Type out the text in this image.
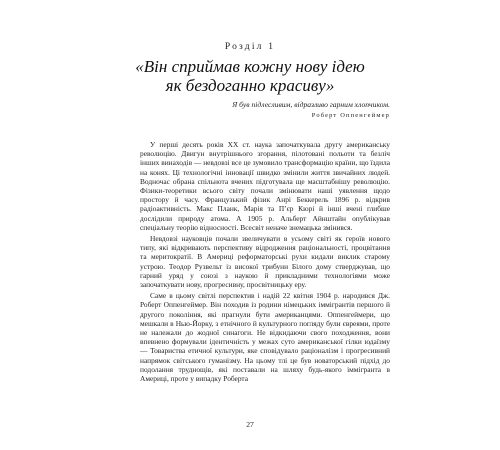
Розділ 1
«Він сприймав кожну нову ідею
як бездоганно красиву»
Я був підлесливим, відразливо гарним хлопчиком.
Роберт Оппенгеймер

У перші десять років XX ст. наука започаткувала другу американську революцію. Двигун внутрішнього згорання, пілотовані польоти та безліч інших винаходів — невдовзі все це зумовило трансформацію країни, що їздила на конях. Ці технологічні інновації швидко змінили життя звичайних людей. Водночас обрана спільнота вчених підготувала ще масштабнішу революцію. Фізики-теоретики всього світу почали змінювати наші уявлення щодо простору й часу. Французький фізик Анрі Беккерель 1896 р. відкрив радіоактивність. Макс Планк, Марія та П’єр Кюрі й інші вчені глибше дослідили природу атома. А 1905 р. Альберт Айнштайн опублікував спеціальну теорію відносності. Всесвіт неначе знемацька змінився.

Невдовзі науковців почали звеличувати в усьому світі як героїв нового типу, які відкривають перспективу відродження раціональності, процвітання та меритократії. В Америці реформаторські рухи кидали виклик старому устрою. Теодор Рузвельт із високої трибуни Білого дому стверджував, що гарний уряд у союзі з наукою й прикладними технологіями може започаткувати нову, прогресивну, просвітницьку еру.

Саме в цьому світлі перспектив і надій 22 квітня 1904 р. народився Дж. Роберт Оппенгеймер. Він походив із родини німецьких іммігрантів першого й другого покоління, які прагнули бути американцями. Оппенгеймери, що мешкали в Нью-Йорку, з етнічного й культурного погляду були євреями, проте не належали до жодної синагоги. Не відкидаючи свого походження, вони впевнено формували ідентичність у межах суто американської гілки юдаїзму — Товариства етичної культури, яке сповідувало раціоналізм і прогресивний напрямок світського гуманізму. На цьому тлі це був новаторський підхід до подолання труднощів, які поставали на шляху будь-якого іммігранта в Америці, проте у випадку Роберта

27
